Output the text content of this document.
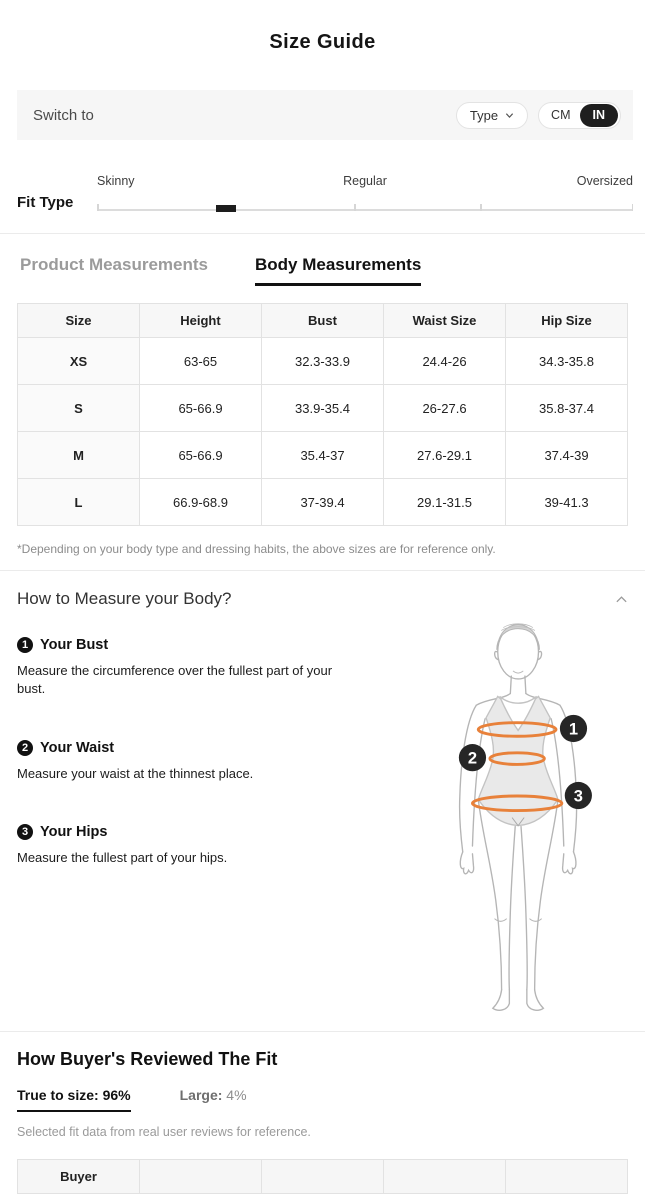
Size Guide
Switch to	Type	CM	IN
Fit Type
Skinny	Regular	Oversized
Product Measurements	Body Measurements
Size	Height	Bust	Waist Size	Hip Size
XS	63-65	32.3-33.9	24.4-26	34.3-35.8
S	65-66.9	33.9-35.4	26-27.6	35.8-37.4
M	65-66.9	35.4-37	27.6-29.1	37.4-39
L	66.9-68.9	37-39.4	29.1-31.5	39-41.3
*Depending on your body type and dressing habits, the above sizes are for reference only.
How to Measure your Body?
1 Your Bust
Measure the circumference over the fullest part of your bust.
2 Your Waist
Measure your waist at the thinnest place.
3 Your Hips
Measure the fullest part of your hips.
1
2
3
How Buyer's Reviewed The Fit
True to size: 96%	Large: 4%
Selected fit data from real user reviews for reference.
Buyer				
